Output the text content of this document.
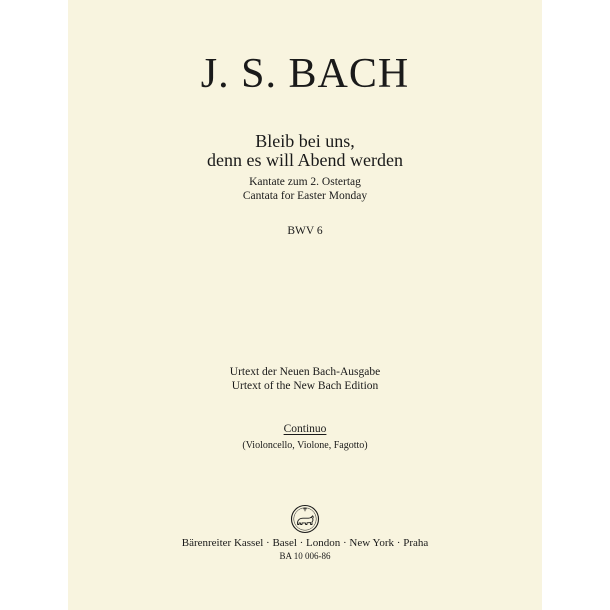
J. S. BACH
Bleib bei uns,
denn es will Abend werden
Kantate zum 2. Ostertag
Cantata for Easter Monday
BWV 6
Urtext der Neuen Bach-Ausgabe
Urtext of the New Bach Edition
Continuo
(Violoncello, Violone, Fagotto)
Bärenreiter Kassel · Basel · London · New York · Praha
BA 10 006-86
